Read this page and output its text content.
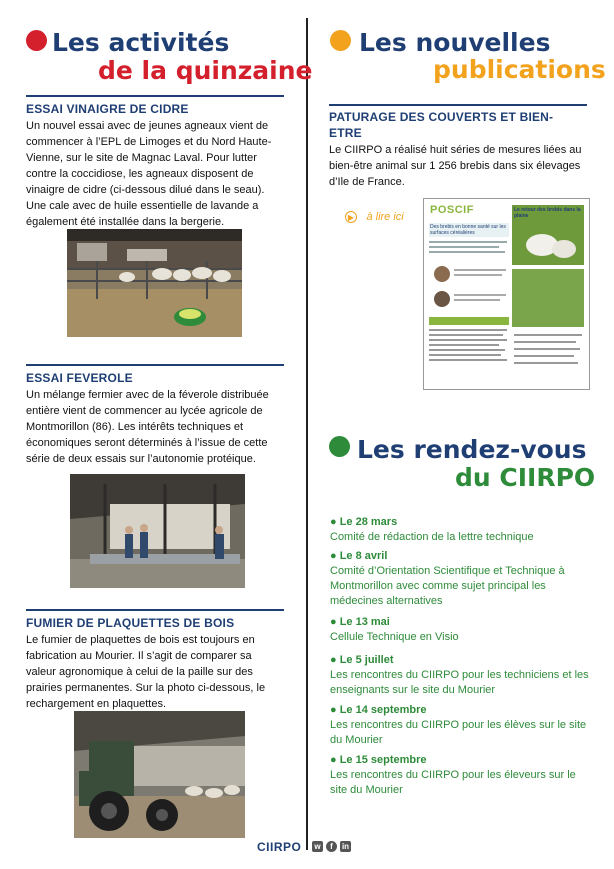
Les activités
de la quinzaine
ESSAI VINAIGRE DE CIDRE
Un nouvel essai avec de jeunes agneaux vient de commencer à l’EPL de Limoges et du Nord Haute-Vienne, sur le site de Magnac Laval. Pour lutter contre la coccidiose, les agneaux disposent de vinaigre de cidre (ci-dessous dilué dans le seau). Une cale avec de huile essentielle de lavande a également été installée dans la bergerie.
ESSAI FEVEROLE
Un mélange fermier avec de la féverole distribuée entière vient de commencer au lycée agricole de Montmorillon (86). Les intérêts techniques et économiques seront déterminés à l’issue de cette série de deux essais sur l’autonomie protéique.
FUMIER DE PLAQUETTES DE BOIS
Le fumier de plaquettes de bois est toujours en fabrication au Mourier. Il s’agit de comparer sa valeur agronomique à celui de la paille sur des prairies permanentes. Sur la photo ci-dessous, le rechargement en plaquettes.
Les nouvelles
publications
PATURAGE DES COUVERTS ET BIEN-
ETRE
Le CIIRPO a réalisé huit séries de mesures liées au bien-être animal sur 1 256 brebis dans six élevages d’Ile de France.
▶ à lire ici
POSCIF
Des brebis en bonne santé sur les surfaces céréalières
Le retour des brebis dans la plaine
Les rendez-vous
du CIIRPO
● Le 28 mars
Comité de rédaction de la lettre technique
● Le 8 avril
Comité d’Orientation Scientifique et Technique à Montmorillon avec comme sujet principal les médecines alternatives
● Le 13 mai
Cellule Technique en Visio
● Le 5 juillet
Les rencontres du CIIRPO pour les techniciens et les enseignants sur le site du Mourier
● Le 14 septembre
Les rencontres du CIIRPO pour les élèves sur le site du Mourier
● Le 15 septembre
Les rencontres du CIIRPO pour les éleveurs sur le site du Mourier
CIIRPO w	f	in
